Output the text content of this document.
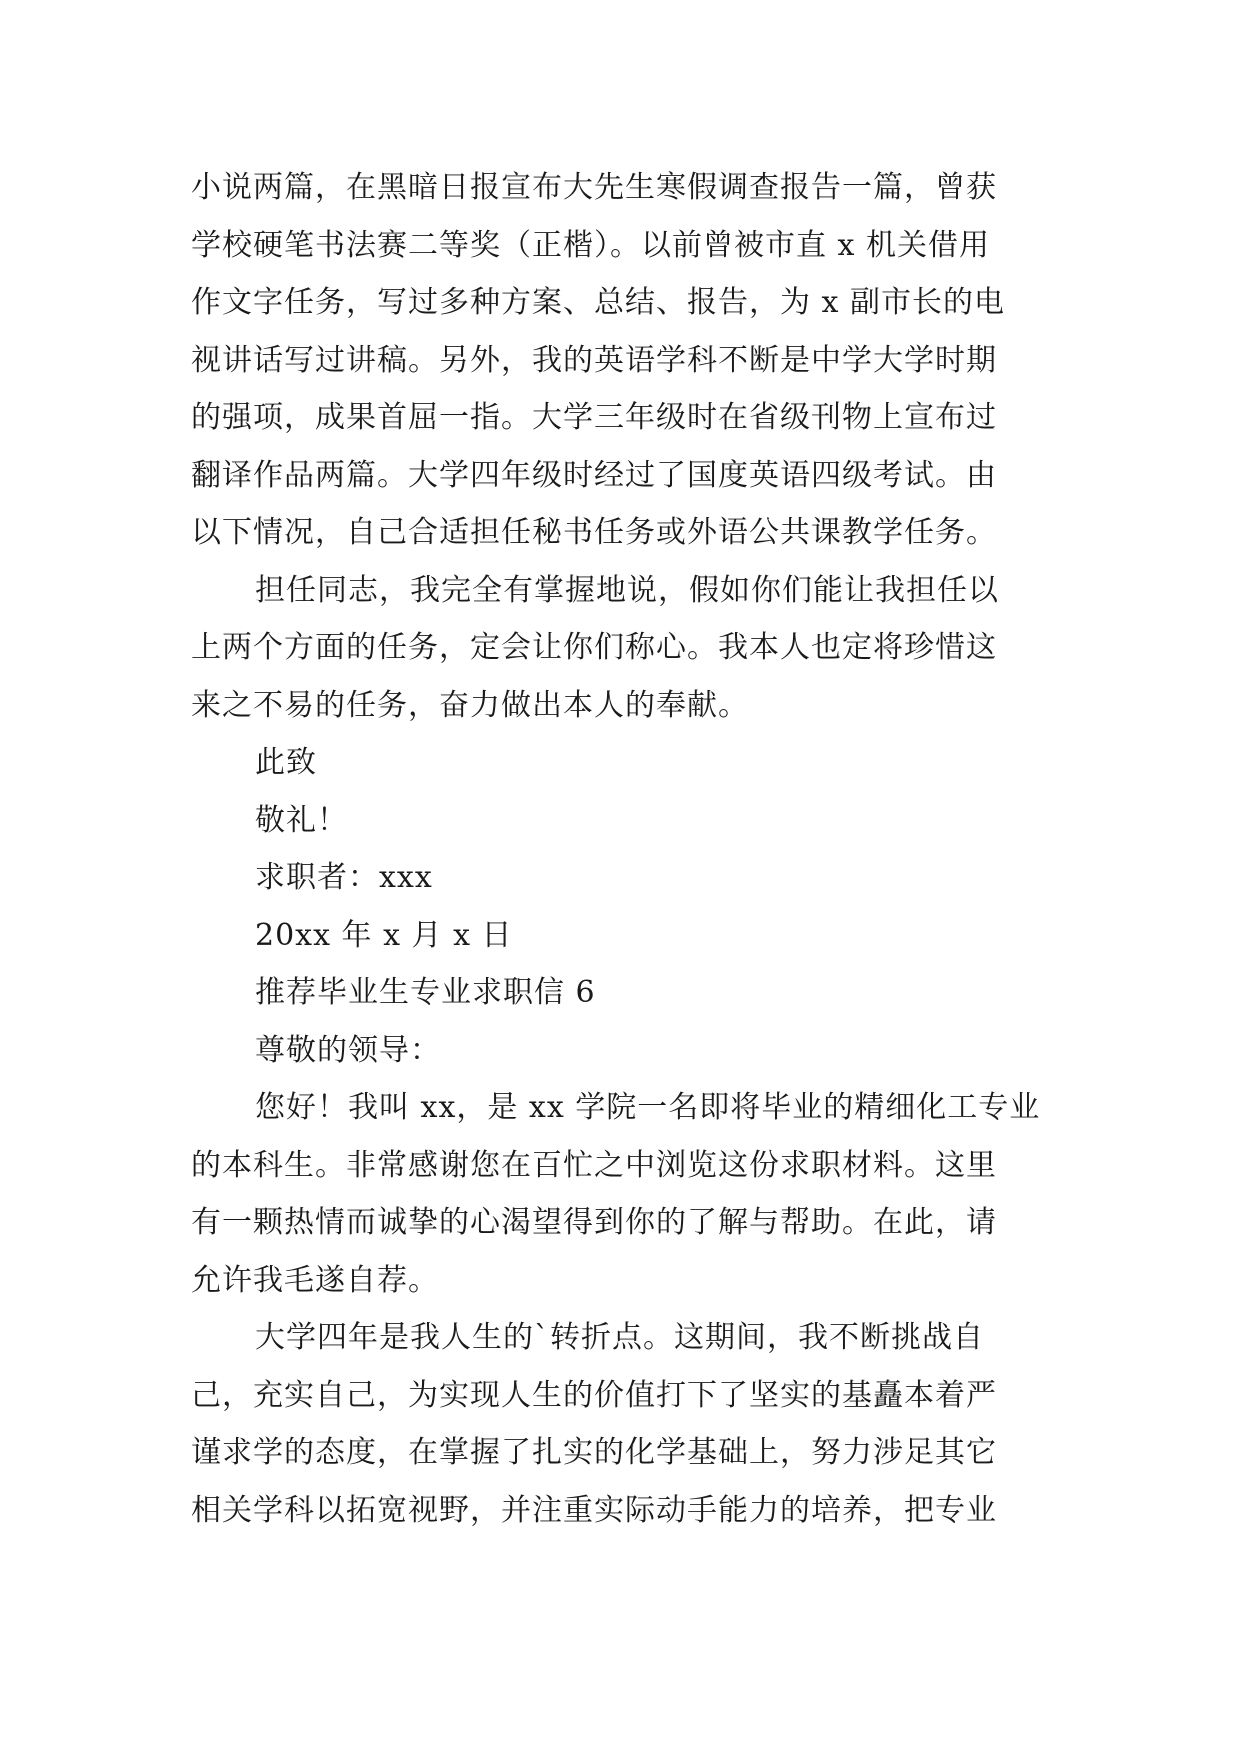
小说两篇，在黑暗日报宣布大先生寒假调查报告一篇，曾获
学校硬笔书法赛二等奖（正楷）。以前曾被市直 x 机关借用
作文字任务，写过多种方案、总结、报告，为 x 副市长的电
视讲话写过讲稿。另外，我的英语学科不断是中学大学时期
的强项，成果首屈一指。大学三年级时在省级刊物上宣布过
翻译作品两篇。大学四年级时经过了国度英语四级考试。由
以下情况，自己合适担任秘书任务或外语公共课教学任务。
担任同志，我完全有掌握地说，假如你们能让我担任以
上两个方面的任务，定会让你们称心。我本人也定将珍惜这
来之不易的任务，奋力做出本人的奉献。
此致
敬礼！
求职者：xxx
20xx 年 x 月 x 日
推荐毕业生专业求职信 6
尊敬的领导：
您好！我叫 xx，是 xx 学院一名即将毕业的精细化工专业
的本科生。非常感谢您在百忙之中浏览这份求职材料。这里
有一颗热情而诚挚的心渴望得到你的了解与帮助。在此，请
允许我毛遂自荐。
大学四年是我人生的`转折点。这期间，我不断挑战自
己，充实自己，为实现人生的价值打下了坚实的基矗本着严
谨求学的态度，在掌握了扎实的化学基础上，努力涉足其它
相关学科以拓宽视野，并注重实际动手能力的培养，把专业
